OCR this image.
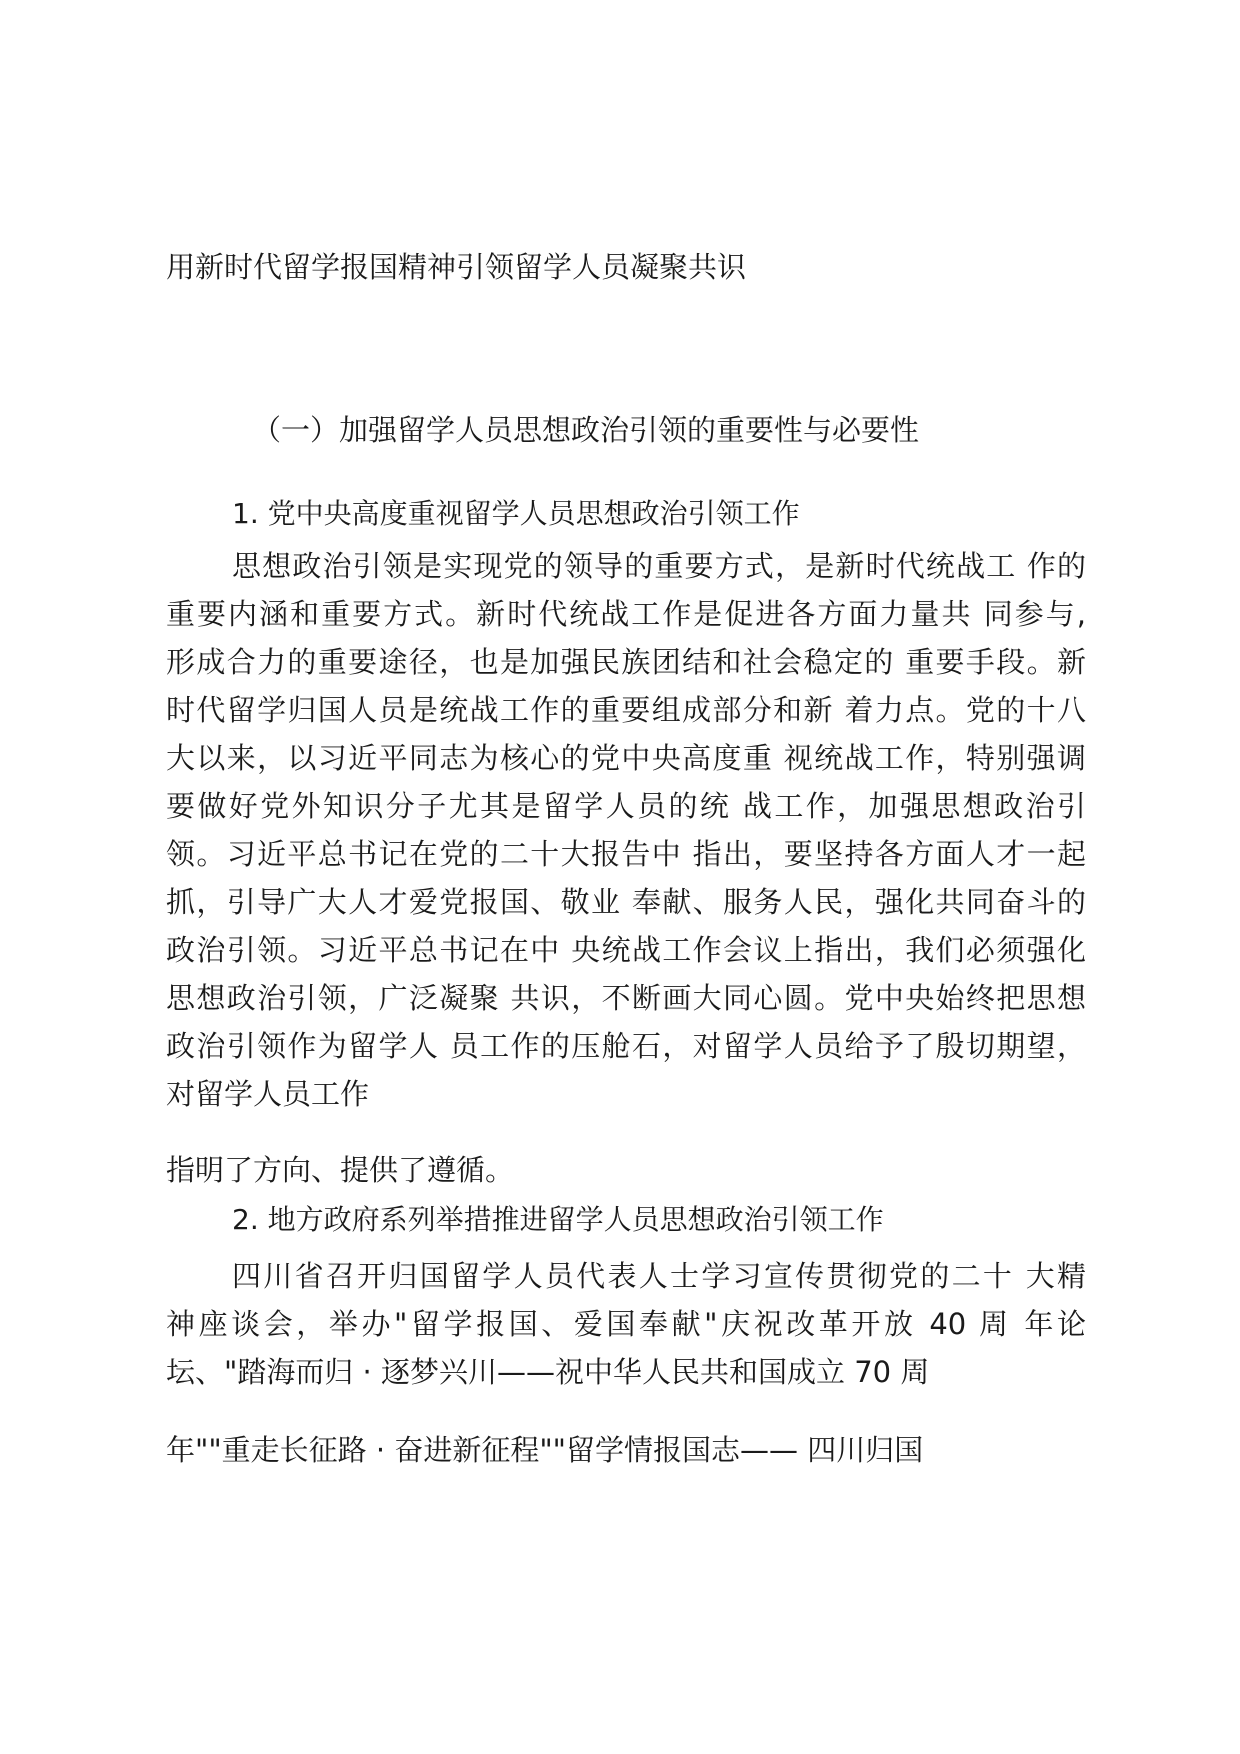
用新时代留学报国精神引领留学人员凝聚共识
（一）加强留学人员思想政治引领的重要性与必要性
1. 党中央高度重视留学人员思想政治引领工作
思想政治引领是实现党的领导的重要方式，是新时代统战工 作的
重要内涵和重要方式。新时代统战工作是促进各方面力量共 同参与,
形成合力的重要途径，也是加强民族团结和社会稳定的 重要手段。新
时代留学归国人员是统战工作的重要组成部分和新 着力点。党的十八
大以来，以习近平同志为核心的党中央高度重 视统战工作，特别强调
要做好党外知识分子尤其是留学人员的统 战工作，加强思想政治引
领。习近平总书记在党的二十大报告中 指出，要坚持各方面人才一起
抓，引导广大人才爱党报国、敬业 奉献、服务人民，强化共同奋斗的
政治引领。习近平总书记在中 央统战工作会议上指出，我们必须强化
思想政治引领，广泛凝聚 共识，不断画大同心圆。党中央始终把思想
政治引领作为留学人 员工作的压舱石，对留学人员给予了殷切期望，
对留学人员工作
指明了方向、提供了遵循。
2. 地方政府系列举措推进留学人员思想政治引领工作
四川省召开归国留学人员代表人士学习宣传贯彻党的二十 大精
神座谈会，举办"留学报国、爱国奉献"庆祝改革开放 40 周 年论
坛、"踏海而归 · 逐梦兴川——祝中华人民共和国成立 70 周
年""重走长征路 · 奋进新征程""留学情报国志—— 四川归国
